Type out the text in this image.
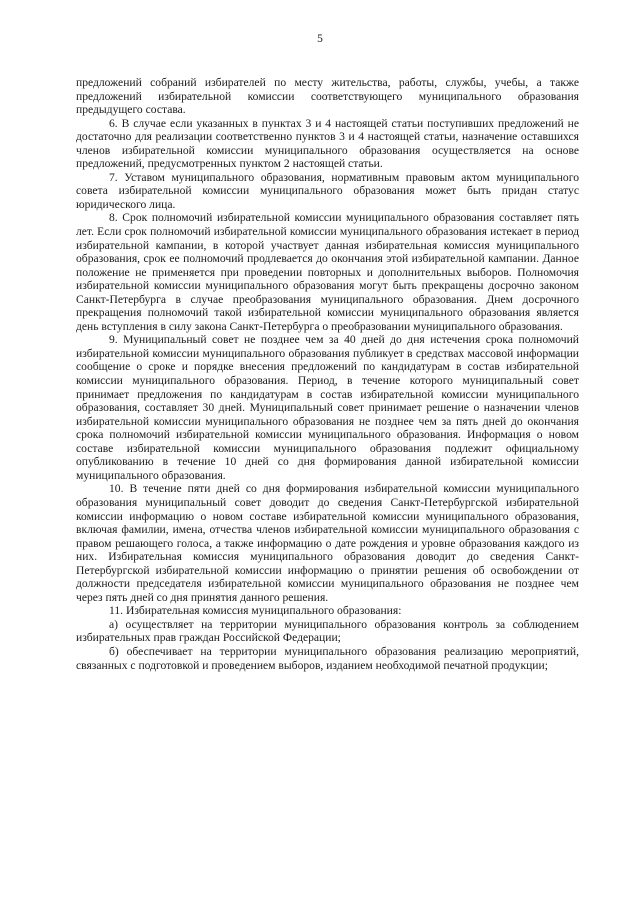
5

предложений собраний избирателей по месту жительства, работы, службы, учебы, а также предложений избирательной комиссии соответствующего муниципального образования предыдущего состава.

6. В случае если указанных в пунктах 3 и 4 настоящей статьи поступивших предложений не достаточно для реализации соответственно пунктов 3 и 4 настоящей статьи, назначение оставшихся членов избирательной комиссии муниципального образования осуществляется на основе предложений, предусмотренных пунктом 2 настоящей статьи.

7. Уставом муниципального образования, нормативным правовым актом муниципального совета избирательной комиссии муниципального образования может быть придан статус юридического лица.

8. Срок полномочий избирательной комиссии муниципального образования составляет пять лет. Если срок полномочий избирательной комиссии муниципального образования истекает в период избирательной кампании, в которой участвует данная избирательная комиссия муниципального образования, срок ее полномочий продлевается до окончания этой избирательной кампании. Данное положение не применяется при проведении повторных и дополнительных выборов. Полномочия избирательной комиссии муниципального образования могут быть прекращены досрочно законом Санкт-Петербурга в случае преобразования муниципального образования. Днем досрочного прекращения полномочий такой избирательной комиссии муниципального образования является день вступления в силу закона Санкт-Петербурга о преобразовании муниципального образования.

9. Муниципальный совет не позднее чем за 40 дней до дня истечения срока полномочий избирательной комиссии муниципального образования публикует в средствах массовой информации сообщение о сроке и порядке внесения предложений по кандидатурам в состав избирательной комиссии муниципального образования. Период, в течение которого муниципальный совет принимает предложения по кандидатурам в состав избирательной комиссии муниципального образования, составляет 30 дней. Муниципальный совет принимает решение о назначении членов избирательной комиссии муниципального образования не позднее чем за пять дней до окончания срока полномочий избирательной комиссии муниципального образования. Информация о новом составе избирательной комиссии муниципального образования подлежит официальному опубликованию в течение 10 дней со дня формирования данной избирательной комиссии муниципального образования.

10. В течение пяти дней со дня формирования избирательной комиссии муниципального образования муниципальный совет доводит до сведения Санкт-Петербургской избирательной комиссии информацию о новом составе избирательной комиссии муниципального образования, включая фамилии, имена, отчества членов избирательной комиссии муниципального образования с правом решающего голоса, а также информацию о дате рождения и уровне образования каждого из них. Избирательная комиссия муниципального образования доводит до сведения Санкт-Петербургской избирательной комиссии информацию о принятии решения об освобождении от должности председателя избирательной комиссии муниципального образования не позднее чем через пять дней со дня принятия данного решения.

11. Избирательная комиссия муниципального образования:

а) осуществляет на территории муниципального образования контроль за соблюдением избирательных прав граждан Российской Федерации;

б) обеспечивает на территории муниципального образования реализацию мероприятий, связанных с подготовкой и проведением выборов, изданием необходимой печатной продукции;
